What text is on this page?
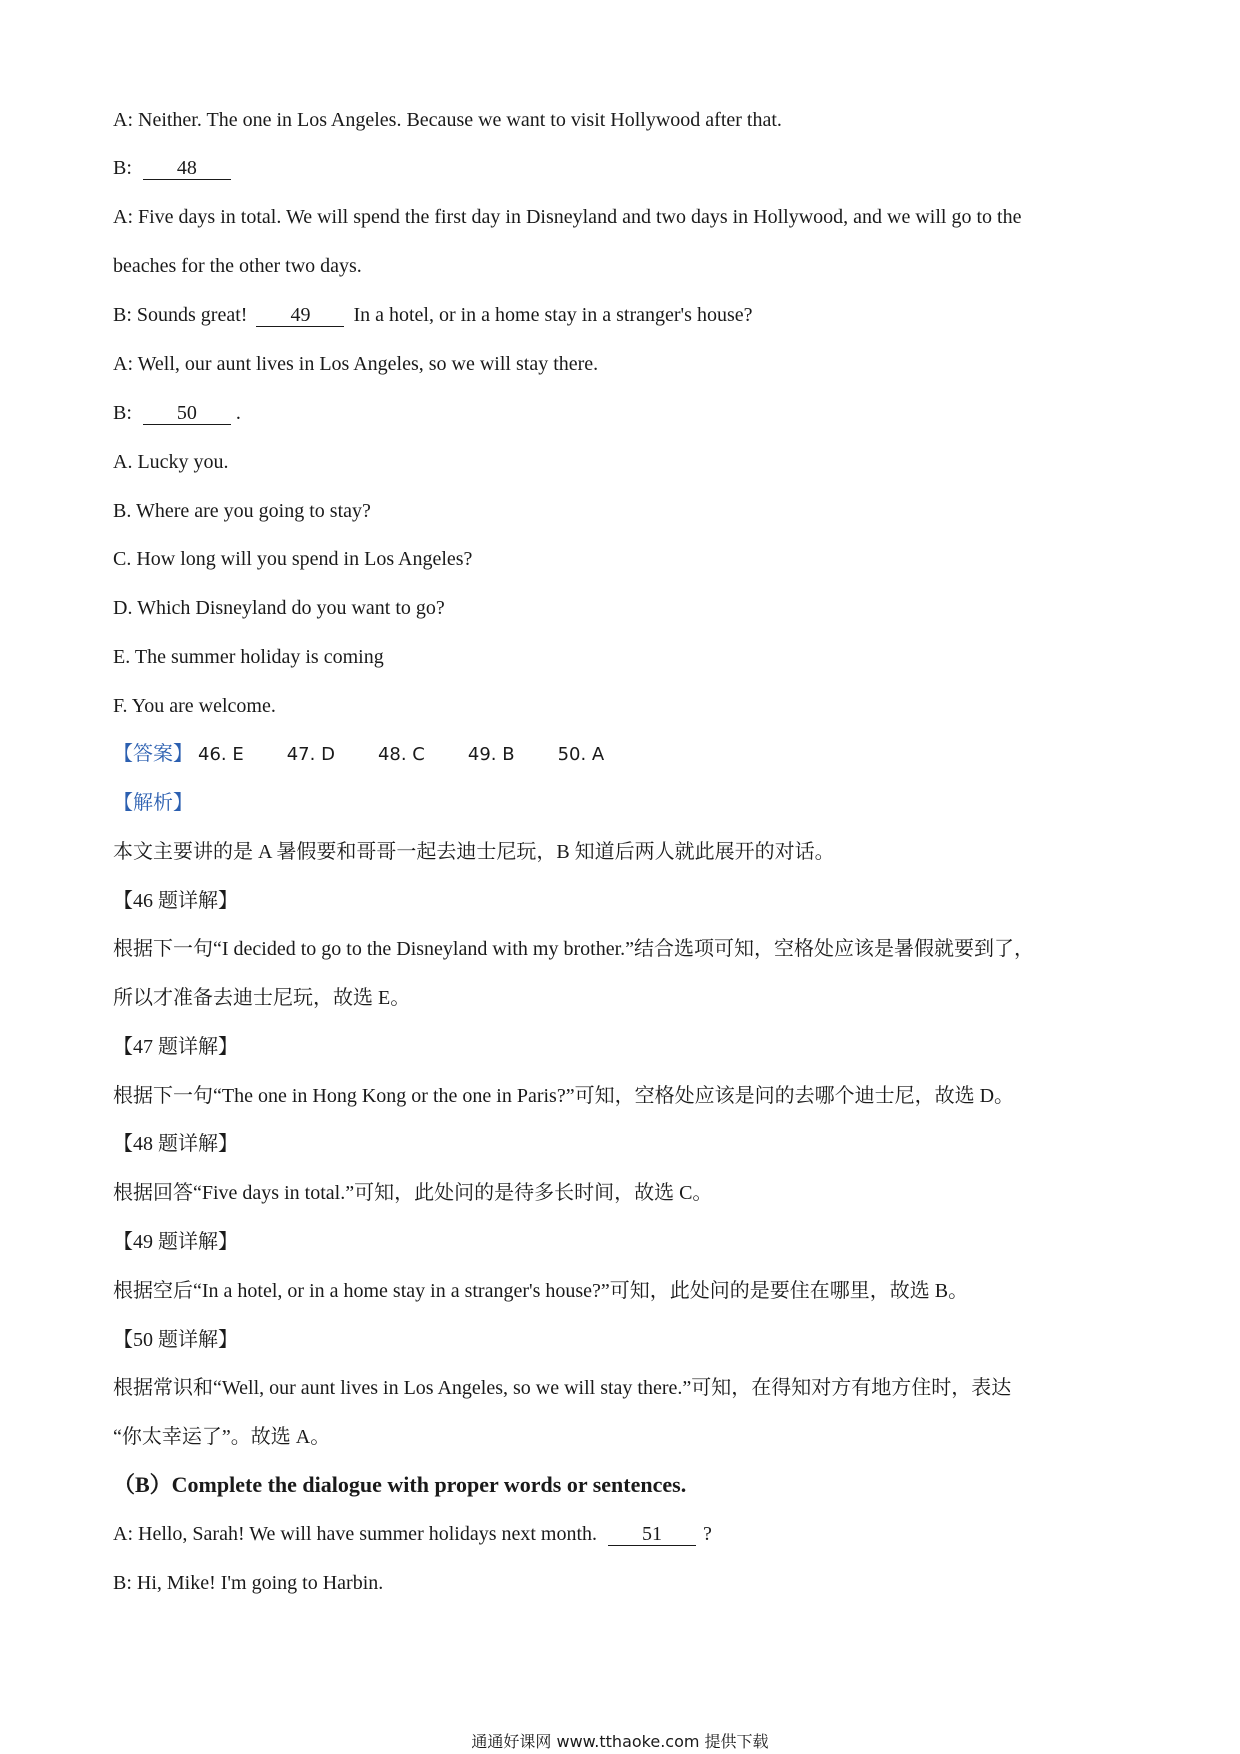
A: Neither. The one in Los Angeles. Because we want to visit Hollywood after that.
B: 48
A: Five days in total. We will spend the first day in Disneyland and two days in Hollywood, and we will go to the
beaches for the other two days.
B: Sounds great! 49 In a hotel, or in a home stay in a stranger's house?
A: Well, our aunt lives in Los Angeles, so we will stay there.
B: 50 .
A. Lucky you.
B. Where are you going to stay?
C. How long will you spend in Los Angeles?
D. Which Disneyland do you want to go?
E. The summer holiday is coming
F. You are welcome.
【答案】 46. E 47. D 48. C 49. B 50. A
【解析】
本文主要讲的是 A 暑假要和哥哥一起去迪士尼玩，B 知道后两人就此展开的对话。
【46 题详解】
根据下一句“I decided to go to the Disneyland with my brother.”结合选项可知，空格处应该是暑假就要到了，
所以才准备去迪士尼玩，故选 E。
【47 题详解】
根据下一句“The one in Hong Kong or the one in Paris?”可知，空格处应该是问的去哪个迪士尼，故选 D。
【48 题详解】
根据回答“Five days in total.”可知，此处问的是待多长时间，故选 C。
【49 题详解】
根据空后“In a hotel, or in a home stay in a stranger's house?”可知，此处问的是要住在哪里，故选 B。
【50 题详解】
根据常识和“Well, our aunt lives in Los Angeles, so we will stay there.”可知，在得知对方有地方住时，表达
“你太幸运了”。故选 A。
（B）Complete the dialogue with proper words or sentences.
A: Hello, Sarah! We will have summer holidays next month. 51 ?
B: Hi, Mike! I'm going to Harbin.
通通好课网 www.tthaoke.com 提供下载
